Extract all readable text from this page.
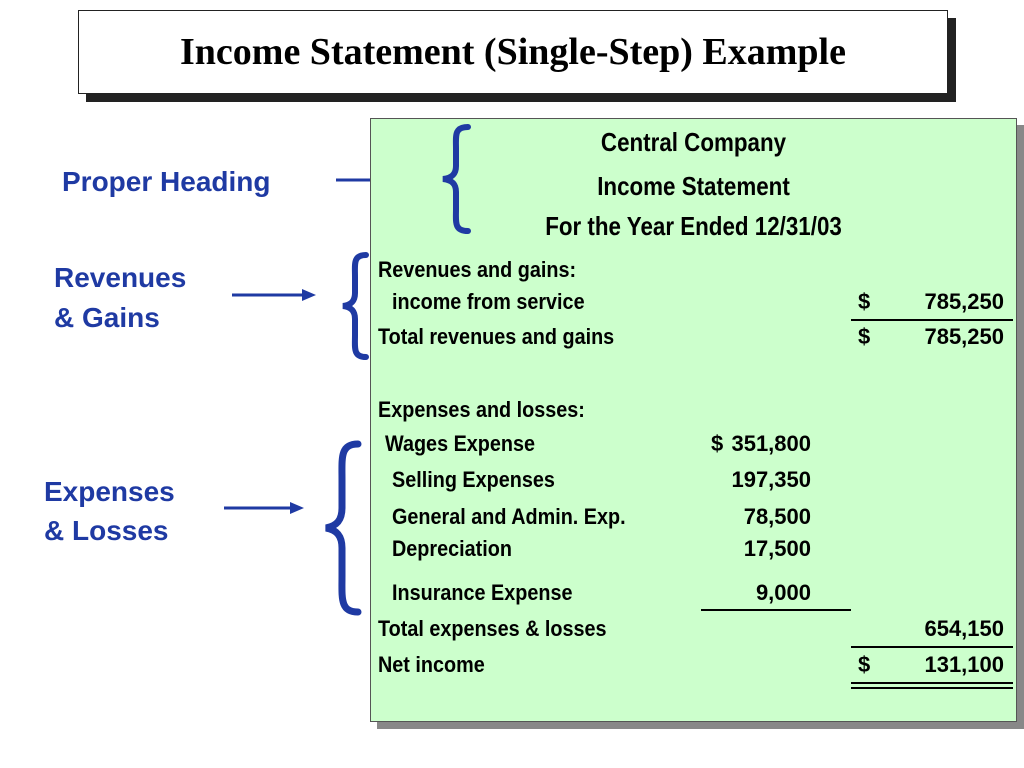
Income Statement (Single-Step) Example
Proper Heading
Revenues
& Gains
Expenses
& Losses
Central Company
Income Statement
For the Year Ended 12/31/03
Revenues and gains:
income from service	$ 785,250
Total revenues and gains	$ 785,250
Expenses and losses:
Wages Expense	$ 351,800
Selling Expenses	197,350
General and Admin. Exp.	78,500
Depreciation	17,500
Insurance Expense	9,000
Total expenses & losses	654,150
Net income	$ 131,100
